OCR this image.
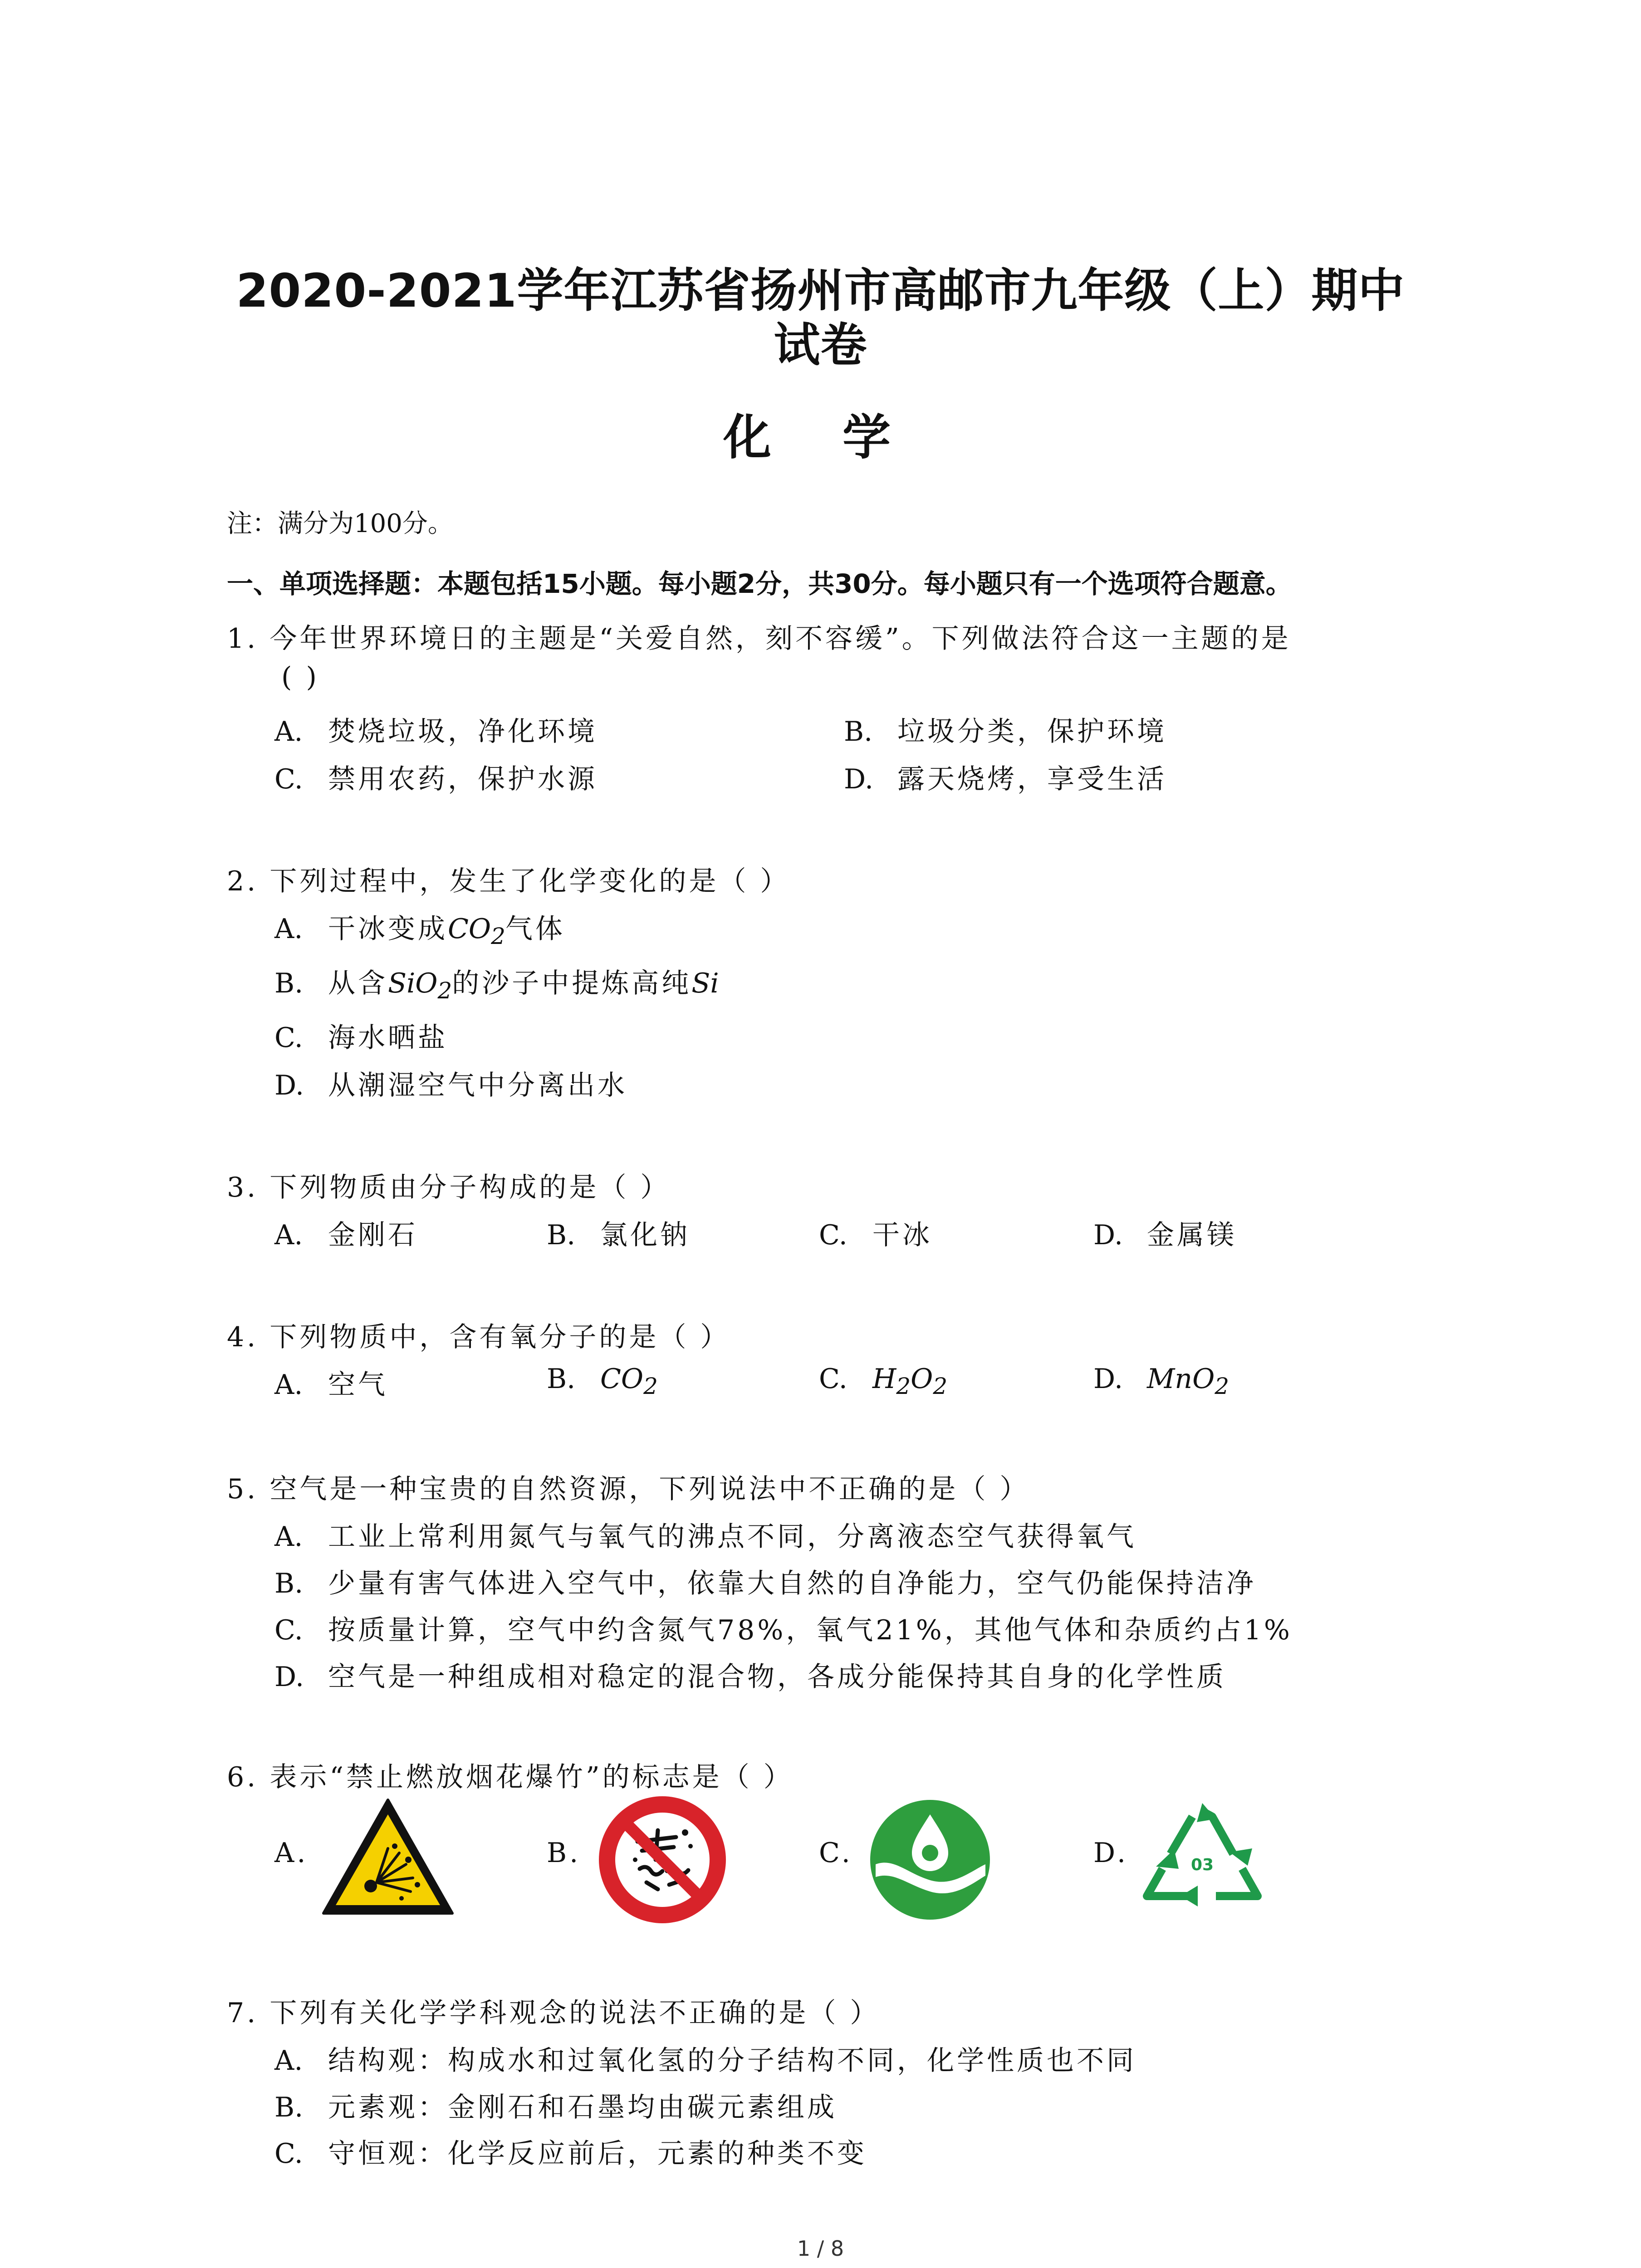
2020-2021学年江苏省扬州市高邮市九年级（上）期中
试卷
化 学
注：满分为100分。
一、单项选择题：本题包括15小题。每小题2分，共30分。每小题只有一个选项符合题意。
1. 今年世界环境日的主题是“关爱自然，刻不容缓”。下列做法符合这一主题的是
( )
A. 焚烧垃圾，净化环境	B. 垃圾分类，保护环境
C. 禁用农药，保护水源	D. 露天烧烤，享受生活
2. 下列过程中，发生了化学变化的是（ ）
A. 干冰变成$CO_2$气体
B. 从含SiO$_2$的沙子中提炼高纯Si
C. 海水晒盐
D. 从潮湿空气中分离出水
3. 下列物质由分子构成的是（ ）
A. 金刚石	B. 氯化钠	C. 干冰	D. 金属镁
4. 下列物质中，含有氧分子的是（ ）
A. 空气	B. $CO_2$	C. $H_2O_2$	D. MnO$_2$
5. 空气是一种宝贵的自然资源，下列说法中不正确的是（ ）
A. 工业上常利用氮气与氧气的沸点不同，分离液态空气获得氧气
B. 少量有害气体进入空气中，依靠大自然的自净能力，空气仍能保持洁净
C. 按质量计算，空气中约含氮气78%，氧气21%，其他气体和杂质约占1%
D. 空气是一种组成相对稳定的混合物，各成分能保持其自身的化学性质
6. 表示“禁止燃放烟花爆竹”的标志是（ ）
A.	B.	C.	D.	03
7. 下列有关化学学科观念的说法不正确的是（ ）
A. 结构观：构成水和过氧化氢的分子结构不同，化学性质也不同
B. 元素观：金刚石和石墨均由碳元素组成
C. 守恒观：化学反应前后，元素的种类不变
1 / 8
